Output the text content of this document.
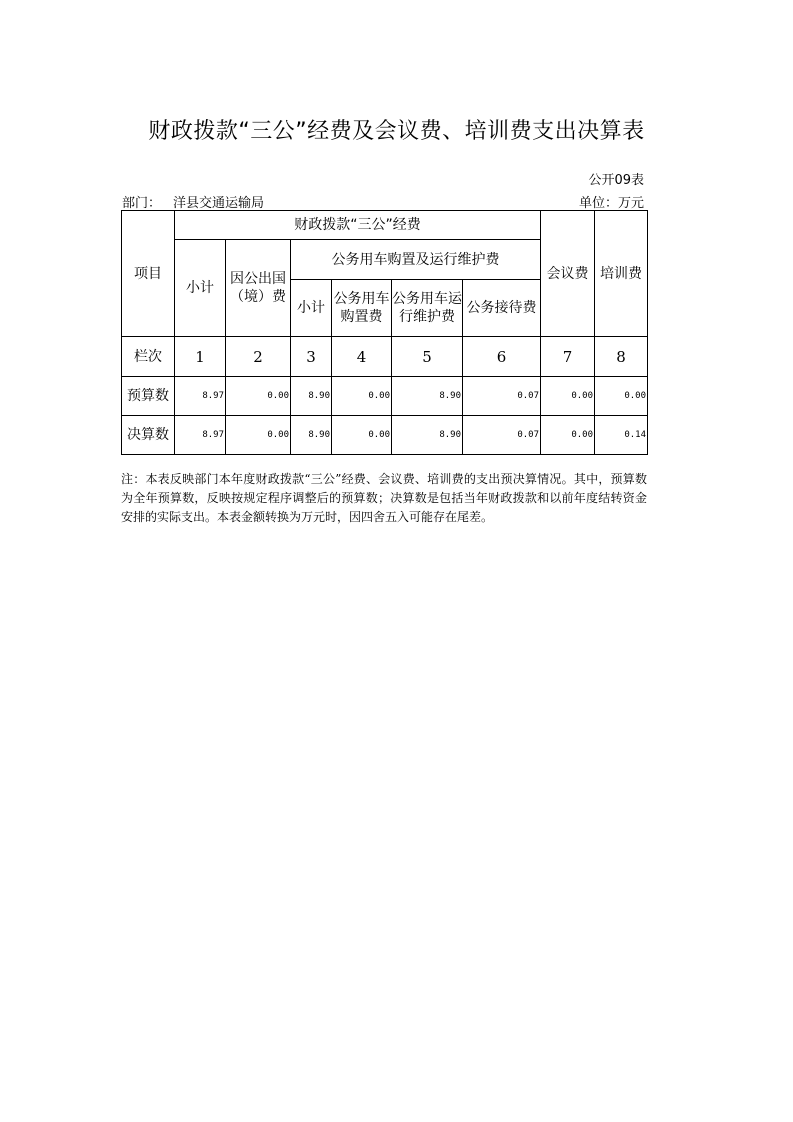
财政拨款“三公”经费及会议费、培训费支出决算表
公开09表
部门： 洋县交通运输局	单位：万元
项目	财政拨款“三公”经费						会议费	培训费
	小计	因公出国（境）费	公务用车购置及运行维护费					
			小计	公务用车购置费	公务用车运行维护费	公务接待费		
栏次	1	2	3	4	5	6	7	8
预算数	8.97	0.00	8.90	0.00	8.90	0.07	0.00	0.00
决算数	8.97	0.00	8.90	0.00	8.90	0.07	0.00	0.14
注：本表反映部门本年度财政拨款“三公”经费、会议费、培训费的支出预决算情况。其中，预算数为全年预算数，反映按规定程序调整后的预算数；决算数是包括当年财政拨款和以前年度结转资金安排的实际支出。本表金额转换为万元时，因四舍五入可能存在尾差。
